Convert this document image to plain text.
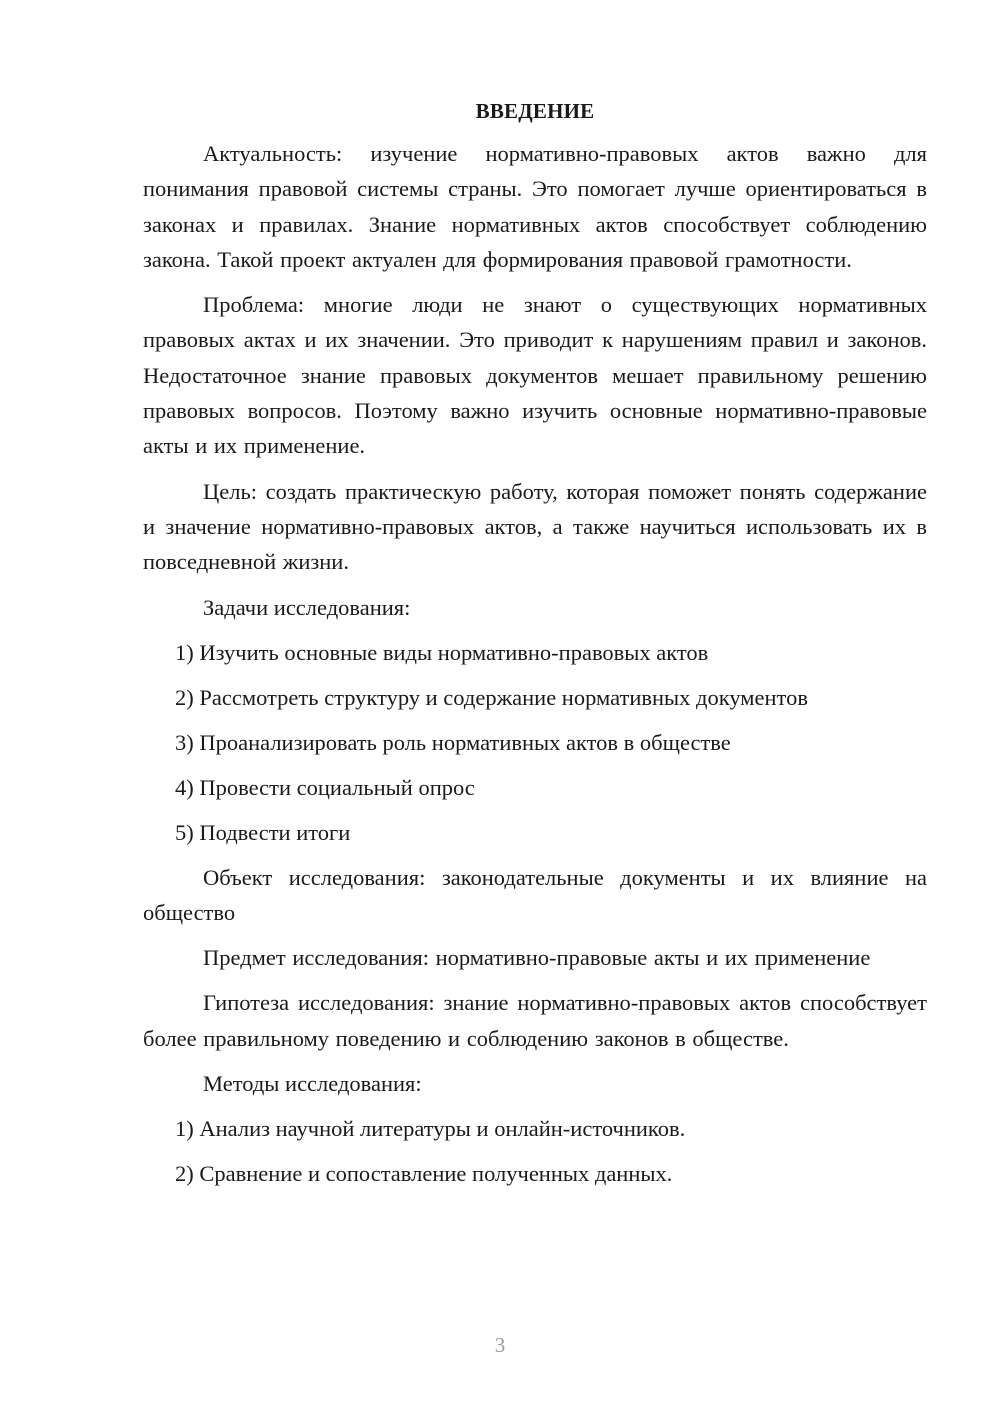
ВВЕДЕНИЕ

Актуальность: изучение нормативно-правовых актов важно для понимания правовой системы страны. Это помогает лучше ориентироваться в законах и правилах. Знание нормативных актов способствует соблюдению закона. Такой проект актуален для формирования правовой грамотности.

Проблема: многие люди не знают о существующих нормативных правовых актах и их значении. Это приводит к нарушениям правил и законов. Недостаточное знание правовых документов мешает правильному решению правовых вопросов. Поэтому важно изучить основные нормативно-правовые акты и их применение.

Цель: создать практическую работу, которая поможет понять содержание и значение нормативно-правовых актов, а также научиться использовать их в повседневной жизни.

Задачи исследования:

1) Изучить основные виды нормативно-правовых актов

2) Рассмотреть структуру и содержание нормативных документов

3) Проанализировать роль нормативных актов в обществе

4) Провести социальный опрос

5) Подвести итоги

Объект исследования: законодательные документы и их влияние на общество

Предмет исследования: нормативно-правовые акты и их применение

Гипотеза исследования: знание нормативно-правовых актов способствует более правильному поведению и соблюдению законов в обществе.

Методы исследования:

1) Анализ научной литературы и онлайн-источников.

2) Сравнение и сопоставление полученных данных.

3
